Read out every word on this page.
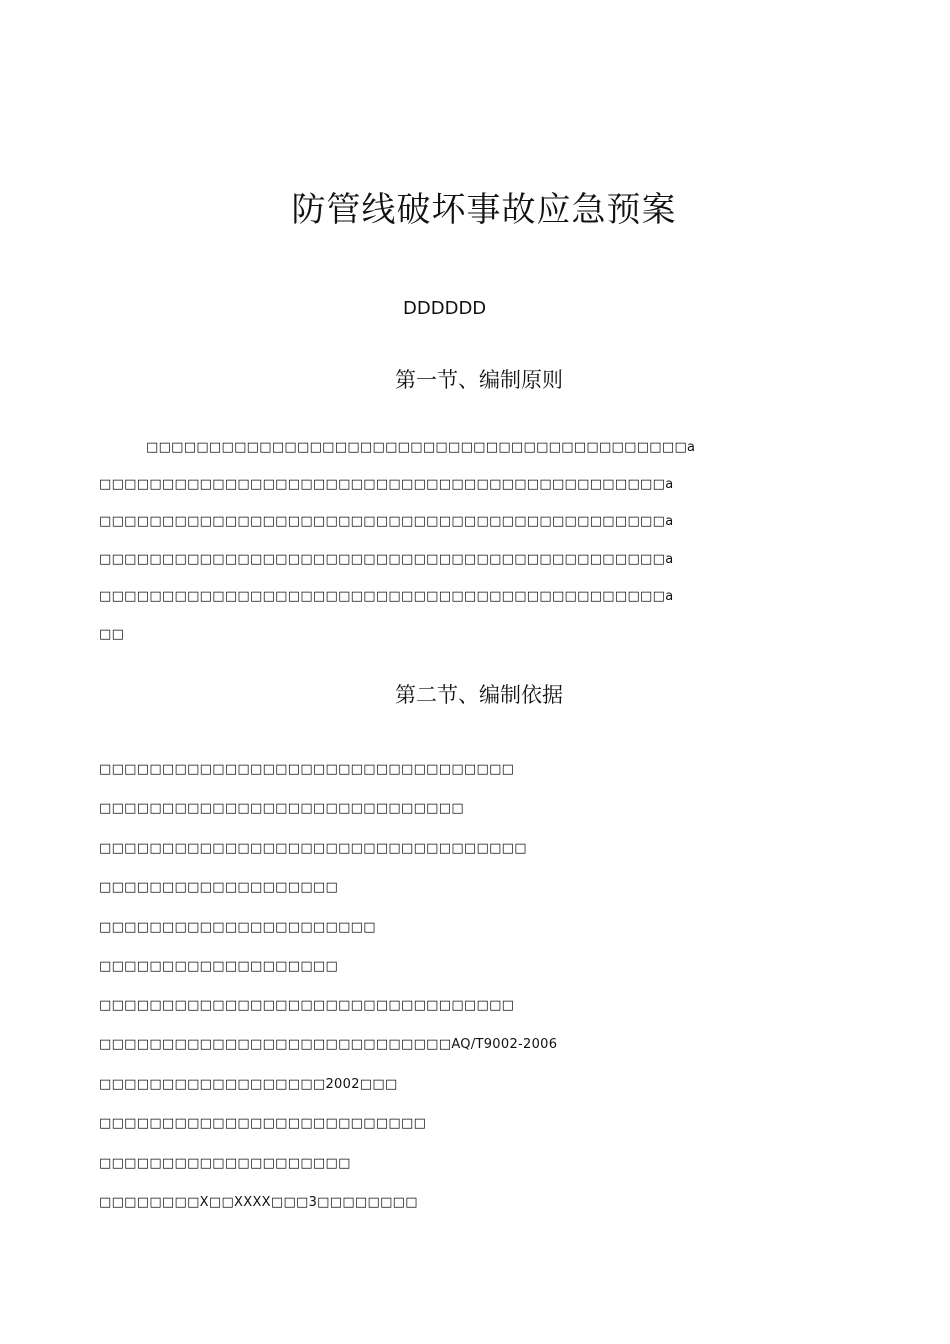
防管线破坏事故应急预案
DDDDDD
第一节、编制原则
□□□□□□□□□□□□□□□□□□□□□□□□□□□□□□□□□□□□□□□□□□□a
□□□□□□□□□□□□□□□□□□□□□□□□□□□□□□□□□□□□□□□□□□□□□a
□□□□□□□□□□□□□□□□□□□□□□□□□□□□□□□□□□□□□□□□□□□□□a
□□□□□□□□□□□□□□□□□□□□□□□□□□□□□□□□□□□□□□□□□□□□□a
□□□□□□□□□□□□□□□□□□□□□□□□□□□□□□□□□□□□□□□□□□□□□a
□□
第二节、编制依据
□□□□□□□□□□□□□□□□□□□□□□□□□□□□□□□□□
□□□□□□□□□□□□□□□□□□□□□□□□□□□□□
□□□□□□□□□□□□□□□□□□□□□□□□□□□□□□□□□□
□□□□□□□□□□□□□□□□□□□
□□□□□□□□□□□□□□□□□□□□□□
□□□□□□□□□□□□□□□□□□□
□□□□□□□□□□□□□□□□□□□□□□□□□□□□□□□□□
□□□□□□□□□□□□□□□□□□□□□□□□□□□□AQ/T9002-2006
□□□□□□□□□□□□□□□□□□2002□□□
□□□□□□□□□□□□□□□□□□□□□□□□□□
□□□□□□□□□□□□□□□□□□□□
□□□□□□□□X□□XXXX□□□3□□□□□□□□
